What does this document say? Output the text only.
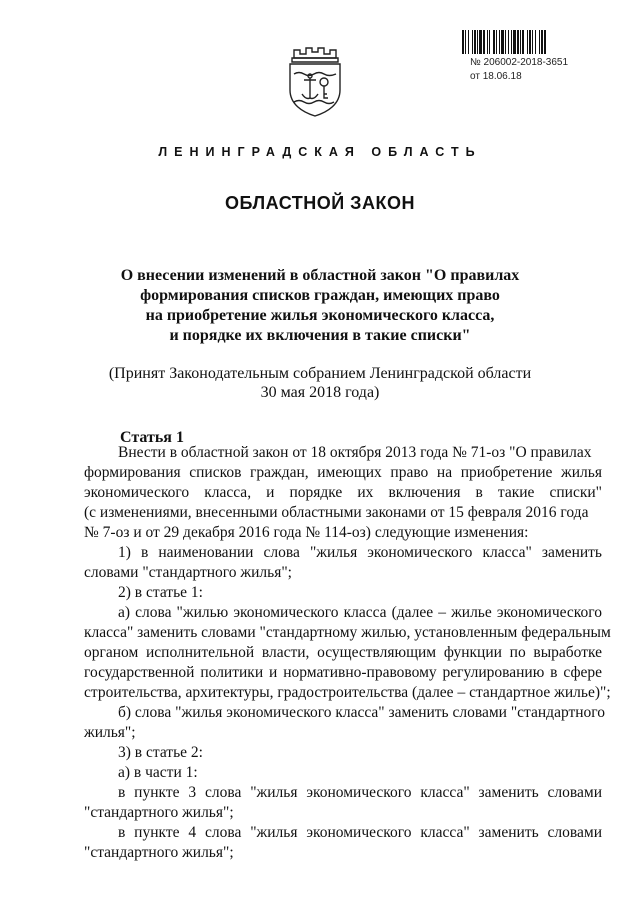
№ 206002-2018-3651
от 18.06.18
ЛЕНИНГРАДСКАЯ ОБЛАСТЬ
ОБЛАСТНОЙ ЗАКОН
О внесении изменений в областной закон "О правилах
формирования списков граждан, имеющих право
на приобретение жилья экономического класса,
и порядке их включения в такие списки"
(Принят Законодательным собранием Ленинградской области
30 мая 2018 года)
Статья 1
Внести в областной закон от 18 октября 2013 года № 71-оз "О правилах
формирования списков граждан, имеющих право на приобретение жилья
экономического класса, и порядке их включения в такие списки"
(с изменениями, внесенными областными законами от 15 февраля 2016 года
№ 7-оз и от 29 декабря 2016 года № 114-оз) следующие изменения:
1) в наименовании слова "жилья экономического класса" заменить
словами "стандартного жилья";
2) в статье 1:
а) слова "жилью экономического класса (далее – жилье экономического
класса" заменить словами "стандартному жилью, установленным федеральным
органом исполнительной власти, осуществляющим функции по выработке
государственной политики и нормативно-правовому регулированию в сфере
строительства, архитектуры, градостроительства (далее – стандартное жилье)";
б) слова "жилья экономического класса" заменить словами "стандартного
жилья";
3) в статье 2:
а) в части 1:
в пункте 3 слова "жилья экономического класса" заменить словами
"стандартного жилья";
в пункте 4 слова "жилья экономического класса" заменить словами
"стандартного жилья";
